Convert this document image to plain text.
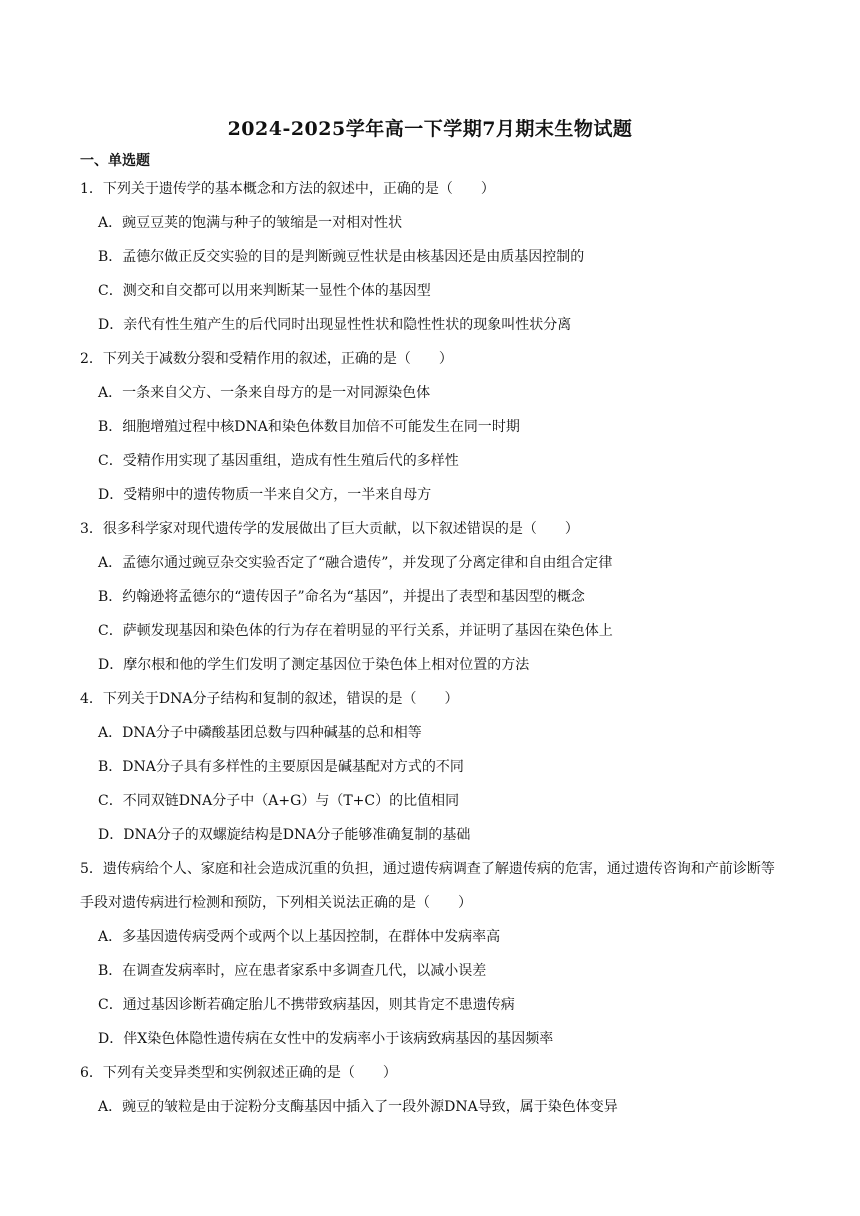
2024-2025学年高一下学期7月期末生物试题
一、单选题
1．下列关于遗传学的基本概念和方法的叙述中，正确的是（　　）
A．豌豆豆荚的饱满与种子的皱缩是一对相对性状
B．孟德尔做正反交实验的目的是判断豌豆性状是由核基因还是由质基因控制的
C．测交和自交都可以用来判断某一显性个体的基因型
D．亲代有性生殖产生的后代同时出现显性性状和隐性性状的现象叫性状分离
2．下列关于减数分裂和受精作用的叙述，正确的是（　　）
A．一条来自父方、一条来自母方的是一对同源染色体
B．细胞增殖过程中核DNA和染色体数目加倍不可能发生在同一时期
C．受精作用实现了基因重组，造成有性生殖后代的多样性
D．受精卵中的遗传物质一半来自父方，一半来自母方
3．很多科学家对现代遗传学的发展做出了巨大贡献，以下叙述错误的是（　　）
A．孟德尔通过豌豆杂交实验否定了“融合遗传”，并发现了分离定律和自由组合定律
B．约翰逊将孟德尔的“遗传因子”命名为“基因”，并提出了表型和基因型的概念
C．萨顿发现基因和染色体的行为存在着明显的平行关系，并证明了基因在染色体上
D．摩尔根和他的学生们发明了测定基因位于染色体上相对位置的方法
4．下列关于DNA分子结构和复制的叙述，错误的是（　　）
A．DNA分子中磷酸基团总数与四种碱基的总和相等
B．DNA分子具有多样性的主要原因是碱基配对方式的不同
C．不同双链DNA分子中（A+G）与（T+C）的比值相同
D．DNA分子的双螺旋结构是DNA分子能够准确复制的基础
5．遗传病给个人、家庭和社会造成沉重的负担，通过遗传病调查了解遗传病的危害，通过遗传咨询和产前诊断等手段对遗传病进行检测和预防，下列相关说法正确的是（　　）
A．多基因遗传病受两个或两个以上基因控制，在群体中发病率高
B．在调查发病率时，应在患者家系中多调查几代，以减小误差
C．通过基因诊断若确定胎儿不携带致病基因，则其肯定不患遗传病
D．伴X染色体隐性遗传病在女性中的发病率小于该病致病基因的基因频率
6．下列有关变异类型和实例叙述正确的是（　　）
A．豌豆的皱粒是由于淀粉分支酶基因中插入了一段外源DNA导致，属于染色体变异
